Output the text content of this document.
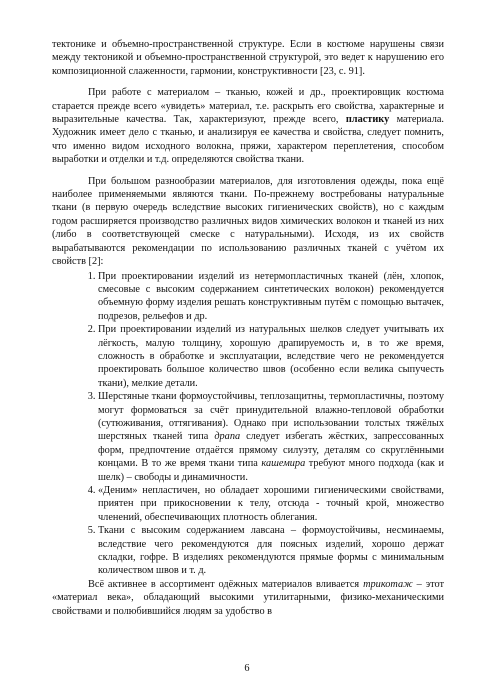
тектонике и объемно-пространственной структуре. Если в костюме нарушены связи между тектоникой и объемно-пространственной структурой, это ведет к нарушению его композиционной слаженности, гармонии, конструктивности [23, с. 91].

При работе с материалом – тканью, кожей и др., проектировщик костюма старается прежде всего «увидеть» материал, т.е. раскрыть его свойства, характерные и выразительные качества. Так, характеризуют, прежде всего, пластику материала. Художник имеет дело с тканью, и анализируя ее качества и свойства, следует помнить, что именно видом исходного волокна, пряжи, характером переплетения, способом выработки и отделки и т.д. определяются свойства ткани.

При большом разнообразии материалов, для изготовления одежды, пока ещё наиболее применяемыми являются ткани. По-прежнему востребованы натуральные ткани (в первую очередь вследствие высоких гигиенических свойств), но с каждым годом расширяется производство различных видов химических волокон и тканей из них (либо в соответствующей смеске с натуральными). Исходя, из их свойств вырабатываются рекомендации по использованию различных тканей с учётом их свойств [2]:

1. При проектировании изделий из нетермопластичных тканей (лён, хлопок, смесовые с высоким содержанием синтетических волокон) рекомендуется объемную форму изделия решать конструктивным путём с помощью вытачек, подрезов, рельефов и др.
2. При проектировании изделий из натуральных шелков следует учитывать их лёгкость, малую толщину, хорошую драпируемость и, в то же время, сложность в обработке и эксплуатации, вследствие чего не рекомендуется проектировать большое количество швов (особенно если велика сыпучесть ткани), мелкие детали.
3. Шерстяные ткани формоустойчивы, теплозащитны, термопластичны, поэтому могут формоваться за счёт принудительной влажно-тепловой обработки (сутюживания, оттягивания). Однако при использовании толстых тяжёлых шерстяных тканей типа драпа следует избегать жёстких, запрессованных форм, предпочтение отдаётся прямому силуэту, деталям со скруглёнными концами. В то же время ткани типа кашемира требуют много подхода (как и шелк) – свободы и динамичности.
4. «Деним» непластичен, но обладает хорошими гигиеническими свойствами, приятен при прикосновении к телу, отсюда - точный крой, множество членений, обеспечивающих плотность облегания.
5. Ткани с высоким содержанием лавсана – формоустойчивы, несминаемы, вследствие чего рекомендуются для поясных изделий, хорошо держат складки, гофре. В изделиях рекомендуются прямые формы с минимальным количеством швов и т. д.

Всё активнее в ассортимент одёжных материалов вливается трикотаж – этот «материал века», обладающий высокими утилитарными, физико-механическими свойствами и полюбившийся людям за удобство в

6
